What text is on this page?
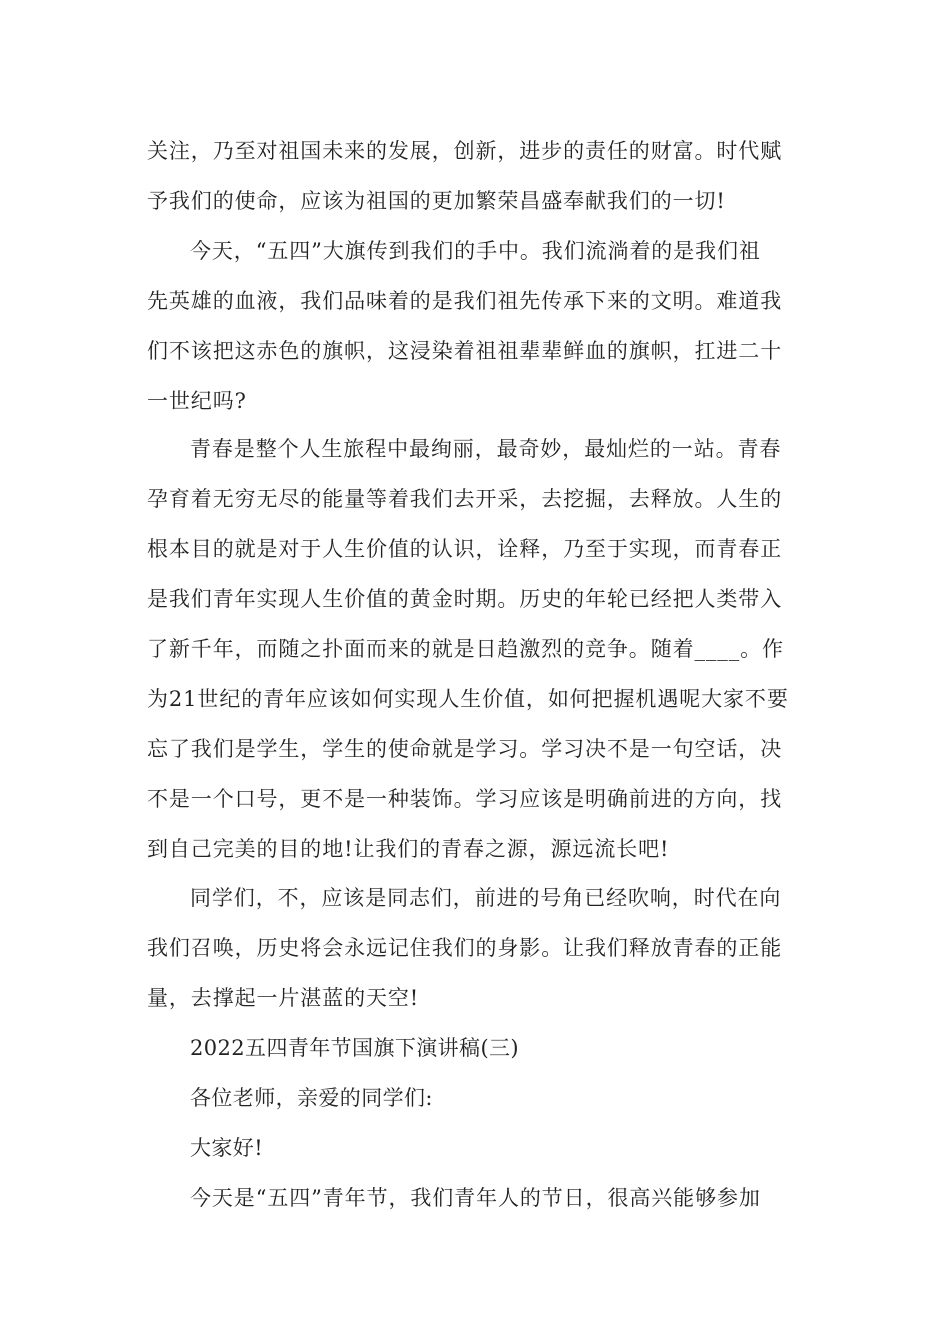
关注，乃至对祖国未来的发展，创新，进步的责任的财富。时代赋
予我们的使命，应该为祖国的更加繁荣昌盛奉献我们的一切!
今天，“五四”大旗传到我们的手中。我们流淌着的是我们祖
先英雄的血液，我们品味着的是我们祖先传承下来的文明。难道我
们不该把这赤色的旗帜，这浸染着祖祖辈辈鲜血的旗帜，扛进二十
一世纪吗?
青春是整个人生旅程中最绚丽，最奇妙，最灿烂的一站。青春
孕育着无穷无尽的能量等着我们去开采，去挖掘，去释放。人生的
根本目的就是对于人生价值的认识，诠释，乃至于实现，而青春正
是我们青年实现人生价值的黄金时期。历史的年轮已经把人类带入
了新千年，而随之扑面而来的就是日趋激烈的竞争。随着____。作
为21世纪的青年应该如何实现人生价值，如何把握机遇呢大家不要
忘了我们是学生，学生的使命就是学习。学习决不是一句空话，决
不是一个口号，更不是一种装饰。学习应该是明确前进的方向，找
到自己完美的目的地!让我们的青春之源，源远流长吧!
同学们，不，应该是同志们，前进的号角已经吹响，时代在向
我们召唤，历史将会永远记住我们的身影。让我们释放青春的正能
量，去撑起一片湛蓝的天空!
2022五四青年节国旗下演讲稿(三)
各位老师，亲爱的同学们:
大家好!
今天是“五四”青年节，我们青年人的节日，很高兴能够参加
